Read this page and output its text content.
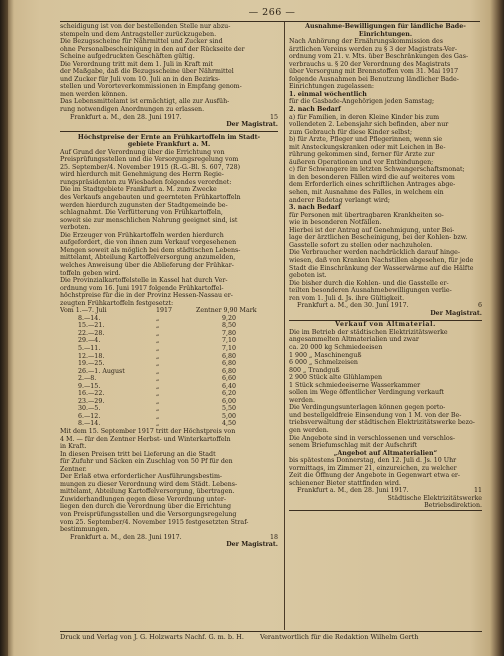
— 266 —
scheidigung ist von der bestellenden Stelle nur abzu-
stempeln und dem Antragsteller zurückzugeben.
Die Bezugsscheine für Nährmittel und Zucker sind
ohne Personalbescheinigung in den auf der Rückseite der
Scheine aufgedruckten Geschäften gültig.
Die Verordnung tritt mit dem 1. Juli in Kraft mit
der Maßgabe, daß die Bezugsscheine über Nährmittel
und Zucker für Juli vom 10. Juli an in den Bezirks-
stellen und Vororteverkommissionen in Empfang genom-
men werden können.
Das Lebensmittelamt ist ermächtigt, alle zur Ausfüh-
rung notwendigen Anordnungen zu erlassen.
Frankfurt a. M., den 28. Juni 1917.	15
Der Magistrat.
Höchstpreise der Ernte an Frühkartoffeln im Stadt-
gebiete Frankfurt a. M.
Auf Grund der Verordnung über die Errichtung von
Preisprüfungsstellen und die Versorgungsregelung vom
25. September/4. November 1915 (R.-G.-Bl. S. 607, 728)
wird hierdurch mit Genehmigung des Herrn Regie-
rungspräsidenten zu Wiesbaden folgendes verordnet:
Die im Stadtgebiete Frankfurt a. M. zum Zwecke
des Verkaufs angebauten und geernteten Frühkartoffeln
werden hierdurch zugunsten der Stadtgemeinde be-
schlagnahmt. Die Verfütterung von Frühkartoffeln,
soweit sie zur menschlichen Nahrung geeignet sind, ist
verboten.
Die Erzeuger von Frühkartoffeln werden hierdurch
aufgefordert, die von ihnen zum Verkauf vorgesehenen
Mengen soweit als möglich bei dem städtischen Lebens-
mittelamt, Abteilung Kartoffelversorgung anzumelden,
welches Anweisung über die Ablieferung der Frühkar-
toffeln geben wird.
Die Provinzialkartoffelstelle in Kassel hat durch Ver-
ordnung vom 16. Juni 1917 folgende Frühkartoffel-
höchstpreise für die in der Provinz Hessen-Nassau er-
zeugten Frühkartoffeln festgesetzt:
Vom 1.—7. Juli	1917	Zentner 9,90 Mark
8.—14.	„	9,20
15.—21.	„	8,50
22.—28.	„	7,80
29.—4.	„	7,10
5.—11.	„	7,10
12.—18.	„	6,80
19.—25.	„	6,80
26.—1. August	„	6,80
2.—8.	„	6,60
9.—15.	„	6,40
16.—22.	„	6,20
23.—29.	„	6,00
30.—5.	„	5,50
6.—12.	„	5,00
8.—14.	„	4,50
Mit dem 15. September 1917 tritt der Höchstpreis von
4 M. — für den Zentner Herbst- und Winterkartoffeln
in Kraft.
In diesen Preisen tritt bei Lieferung an die Stadt
für Zufuhr und Säcken ein Zuschlag von 50 Pf für den
Zentner.
Der Erlaß etwa erforderlicher Ausführungsbestim-
mungen zu dieser Verordnung wird dem Städt. Lebens-
mittelamt, Abteilung Kartoffelversorgung, übertragen.
Zuwiderhandlungen gegen diese Verordnung unter-
liegen den durch die Verordnung über die Errichtung
von Preisprüfungsstellen und die Versorgungsregelung
vom 25. September/4. November 1915 festgesetzten Straf-
bestimmungen.
Frankfurt a. M., den 28. Juni 1917.	18
Der Magistrat.
Ausnahme-Bewilligungen für ländliche Bade-
Einrichtungen.
Nach Anhörung der Ernährungskommission des
ärztlichen Vereins werden zu § 3 der Magistrats-Ver-
ordnung vom 21. v. Mts. über Beschränkungen des Gas-
verbrauchs u. § 20 der Verordnung des Magistrats
über Versorgung mit Brennstoffen vom 31. Mai 1917
folgende Ausnahmen bei Benutzung ländlicher Bade-
Einrichtungen zugelassen:
1. einmal wöchentlich
für die Gasbade-Angehörigen jeden Samstag;
2. nach Bedarf
a) für Familien, in deren Kleine Kinder bis zum
vollendeten 2. Lebensjahr sich befinden, aber nur
zum Gebrauch für diese Kinder selbst;
b) für Ärzte, Pfleger und Pflegerinnen, wenn sie
mit Ansteckungskranken oder mit Leichen in Be-
rührung gekommen sind, ferner für Ärzte zur
äußeren Operationen und vor Entbindungen;
c) für Schwangere im letzten Schwangerschaftsmonat;
in den besonderen Fällen wird die auf weiteres vom
dem Erforderlich eines schriftlichen Antrages abge-
sehen, mit Ausnahme des Falles, in welchem ein
anderer Badetag verlangt wird;
3. nach Bedarf
für Personen mit übertragbaren Krankheiten so-
wie in besonderen Notfällen.
Hierbei ist der Antrag auf Genehmigung, unter Bei-
lage der ärztlichen Bescheinigung, bei der Kohlen- bzw.
Gasstelle sofort zu stellen oder nachzuholen.
Die Verbraucher werden nachdrücklich darauf hinge-
wiesen, daß von Kranken Nachstillen abgesehen, für jede
Stadt die Einschränkung der Wasserwärme auf die Hälfte
geboten ist.
Die bisher durch die Kohlen- und die Gasstelle er-
teilten besonderen Ausnahmebewilligungen verlie-
ren vom 1. Juli d. Js. ihre Gültigkeit.
Frankfurt a. M., den 30. Juni 1917.	6
Der Magistrat.
Verkauf von Altmaterial.
Die im Betrieb der städtischen Elektrizitätswerke
angesammelten Altmaterialien und zwar
ca. 20 000 kg Schmiedeeisen
1 900 „ Maschinenguß
6 000 „ Schmelzeisen
800 „ Trandguß
2 900 Stück alte Glühlampen
1 Stück schmiedeeiserne Wasserkammer
sollen im Wege öffentlicher Verdingung verkauft
werden.
Die Verdingungsunterlagen können gegen porto-
und bestellgeldfreie Einsendung von 1 M. von der Be-
triebsverwaltung der städtischen Elektrizitätswerke bezo-
gen werden.
Die Angebote sind in verschlossenen und verschlos-
senem Briefumschlag mit der Aufschrift
„Angebot auf Altmaterialien“
bis spätestens Donnerstag, den 12. Juli d. Js. 10 Uhr
vormittags, im Zimmer 21, einzureichen, zu welcher
Zeit die Öffnung der Angebote in Gegenwart etwa er-
schienener Bieter stattfinden wird.
Frankfurt a. M., den 28. Juni 1917.	11
Städtische Elektrizitätswerke
Betriebsdirektion.
Druck und Verlag von J. G. Holzwarts Nachf. G. m. b. H. Verantwortlich für die Redaktion Wilhelm Gerth
